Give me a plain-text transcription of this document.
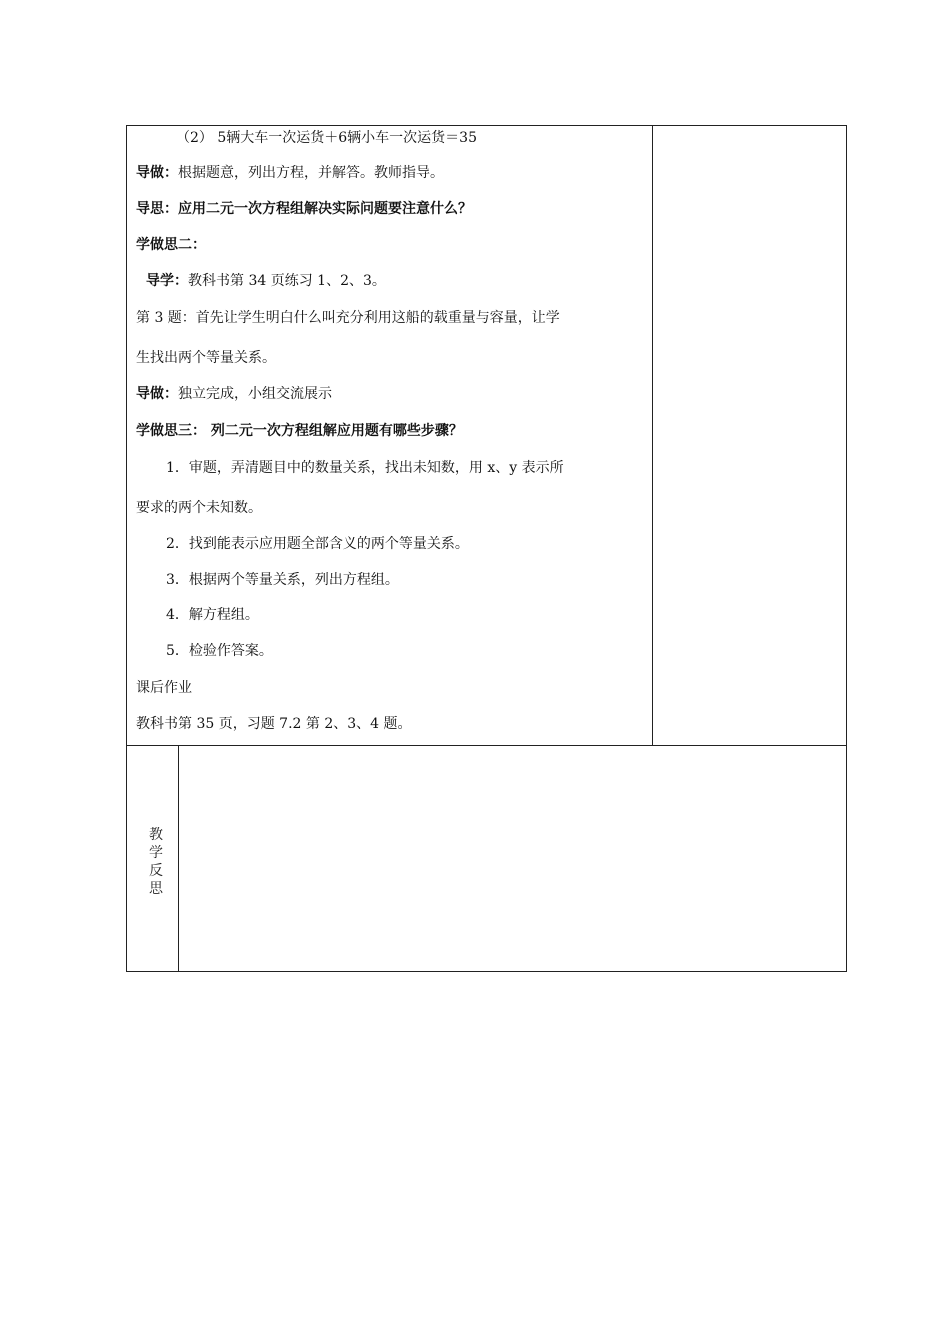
（2） 5辆大车一次运货＋6辆小车一次运货＝35
导做：根据题意，列出方程，并解答。教师指导。
导思：应用二元一次方程组解决实际问题要注意什么？
学做思二：
导学：教科书第 34 页练习 1、2、3。
第 3 题：首先让学生明白什么叫充分利用这船的载重量与容量，让学
生找出两个等量关系。
导做：独立完成，小组交流展示
学做思三： 列二元一次方程组解应用题有哪些步骤？
1．审题，弄清题目中的数量关系，找出未知数，用 x、y 表示所
要求的两个未知数。
2．找到能表示应用题全部含义的两个等量关系。
3．根据两个等量关系，列出方程组。
4．解方程组。
5．检验作答案。
课后作业
教科书第 35 页，习题 7.2 第 2、3、4 题。
教学反思
